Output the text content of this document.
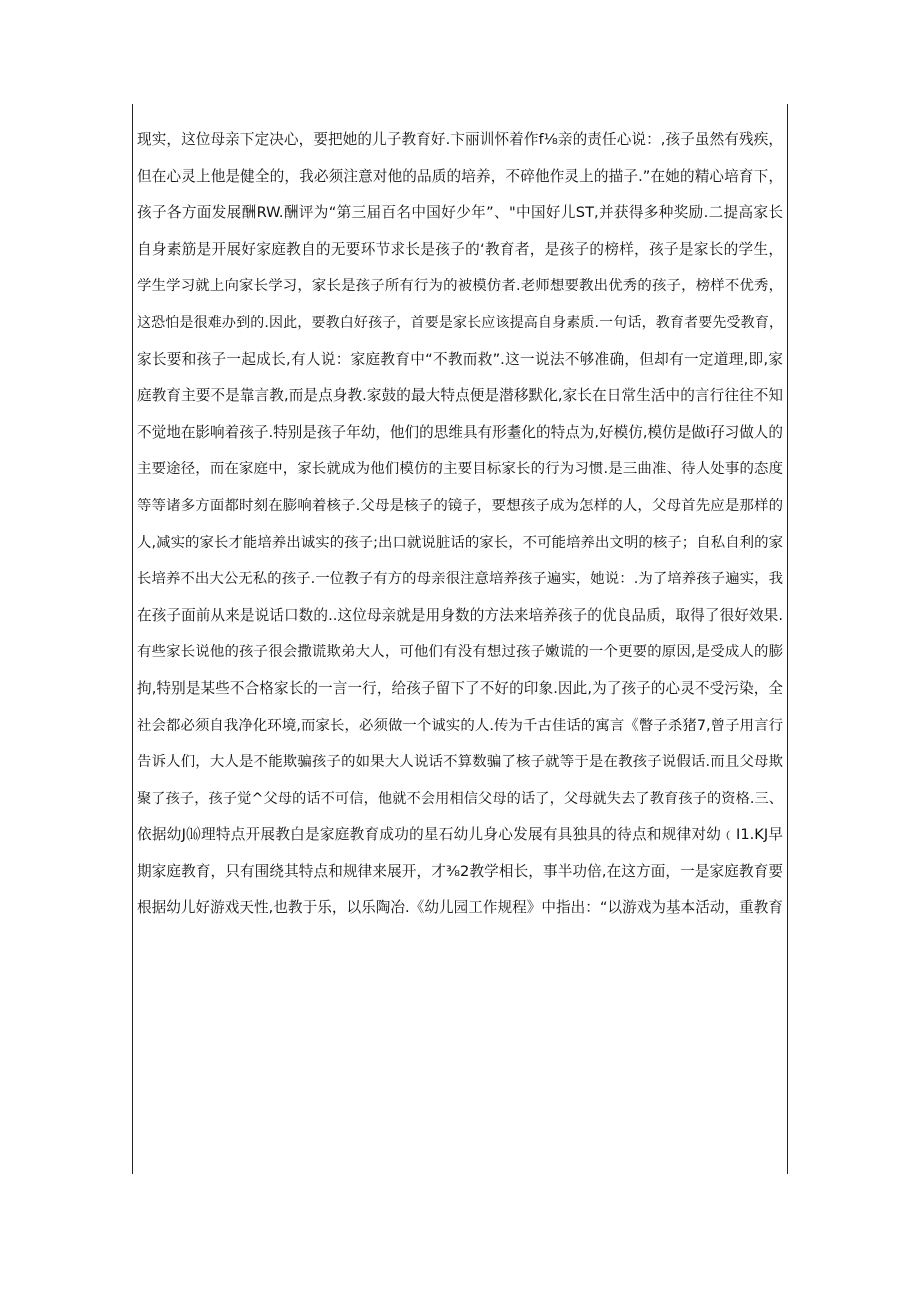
现实，这位母亲下定决心，要把她的儿子教育好.卞丽训怀着作f⅛亲的责任心说：,孩子虽然有残疾，
但在心灵上他是健全的，我必须注意对他的品质的培养，不碎他作灵上的描子.”在她的精心培育下，
孩子各方面发展酬RW.酬评为“第三届百名中国好少年”、"中国好儿ST,并获得多种奖励.二提高家长
自身素筋是开展好家庭教自的无要环节求长是孩子的‘教育者，是孩子的榜样，孩子是家长的学生，
学生学习就上向家长学习，家长是孩子所有行为的被模仿者.老师想要教出优秀的孩子，榜样不优秀，
这恐怕是很难办到的.因此，要教白好孩子，首要是家长应该提高自身素质.一句话，教育者要先受教育，
家长要和孩子一起成长,有人说：家庭教育中“不教而救”.这一说法不够准确，但却有一定道理,即,家
庭教育主要不是靠言教,而是点身教.家鼓的最大特点便是潜移默化,家长在日常生活中的言行往往不知
不觉地在影响着孩子.特别是孩子年幼，他们的思维具有形耋化的特点为,好模仿,模仿是做i孖习做人的
主要途径，而在家庭中，家长就成为他们模仿的主要目标家长的行为习惯.是三曲准、待人处事的态度
等等诸多方面都时刻在膨响着核子.父母是核子的镜子，要想孩子成为怎样的人，父母首先应是那样的
人,减实的家长才能培养出诚实的孩子;出口就说脏话的家长，不可能培养出文明的核子；自私自利的家
长培养不出大公无私的孩子.一位教子有方的母亲很注意培养孩子遍实，她说：.为了培养孩子遍实，我
在孩子面前从来是说话口数的..这位母亲就是用身数的方法来培养孩子的优良品质，取得了很好效果.
有些家长说他的孩子很会撒谎欺弟大人，可他们有没有想过孩子嫩谎的一个更要的原因,是受成人的膨
拘,特别是某些不合格家长的一言一行，给孩子留下了不好的印象.因此,为了孩子的心灵不受污染，全
社会都必须自我净化环境,而家长，必须做一个诚实的人.传为千古佳话的寓言《瞥子杀猪7,曾子用言行
告诉人们，大人是不能欺骗孩子的如果大人说话不算数骗了核子就等于是在教孩子说假话.而且父母欺
聚了孩子，孩子觉^父母的话不可信，他就不会用相信父母的话了，父母就失去了教育孩子的资格.三、
依据幼J⒃理特点开展教白是家庭教育成功的星石幼儿身心发展有具独具的待点和规律对幼﹙I1.KJ早
期家庭教育，只有围绕其特点和规律来展开，才⅜2教学相长，事半功倍,在这方面，一是家庭教育要
根据幼儿好游戏天性,也教于乐，以乐陶冶.《幼儿园工作规程》中指出：“以游戏为基本活动，重教育
